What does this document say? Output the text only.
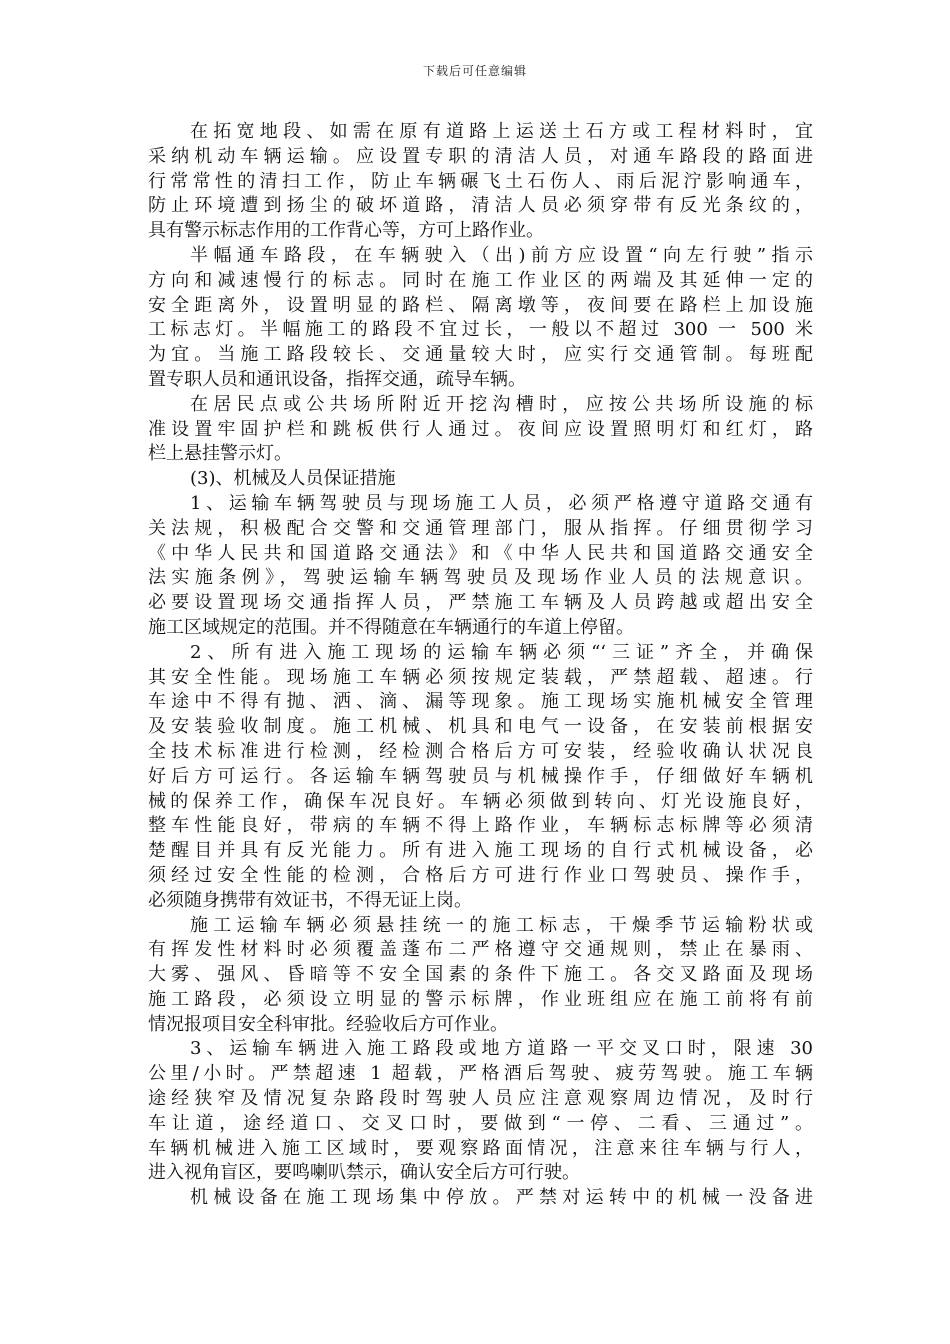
下载后可任意编辑
在拓宽地段、如需在原有道路上运送土石方或工程材料时，宜
采纳机动车辆运输。应设置专职的清洁人员，对通车路段的路面进
行常常性的清扫工作，防止车辆碾飞土石伤人、雨后泥泞影响通车，
防止环境遭到扬尘的破坏道路，清洁人员必须穿带有反光条纹的，
具有警示标志作用的工作背心等，方可上路作业。
半幅通车路段，在车辆驶入（出)前方应设置“向左行驶”指示
方向和减速慢行的标志。同时在施工作业区的两端及其延伸一定的
安全距离外，设置明显的路栏、隔离墩等，夜间要在路栏上加设施
工标志灯。半幅施工的路段不宜过长，一般以不超过 300 一 500 米
为宜。当施工路段较长、交通量较大时，应实行交通管制。每班配
置专职人员和通讯设备，指挥交通，疏导车辆。
在居民点或公共场所附近开挖沟槽时，应按公共场所设施的标
准设置牢固护栏和跳板供行人通过。夜间应设置照明灯和红灯，路
栏上悬挂警示灯。
(3)、机械及人员保证措施
1、运输车辆驾驶员与现场施工人员，必须严格遵守道路交通有
关法规，积极配合交警和交通管理部门，服从指挥。仔细贯彻学习
《中华人民共和国道路交通法》和《中华人民共和国道路交通安全
法实施条例》，驾驶运输车辆驾驶员及现场作业人员的法规意识。
必要设置现场交通指挥人员，严禁施工车辆及人员跨越或超出安全
施工区域规定的范围。并不得随意在车辆通行的车道上停留。
2、所有进入施工现场的运输车辆必须“‘三证”齐全，并确保
其安全性能。现场施工车辆必须按规定装载，严禁超载、超速。行
车途中不得有抛、洒、滴、漏等现象。施工现场实施机械安全管理
及安装验收制度。施工机械、机具和电气一设备，在安装前根据安
全技术标准进行检测，经检测合格后方可安装，经验收确认状况良
好后方可运行。各运输车辆驾驶员与机械操作手，仔细做好车辆机
械的保养工作，确保车况良好。车辆必须做到转向、灯光设施良好，
整车性能良好，带病的车辆不得上路作业，车辆标志标牌等必须清
楚醒目并具有反光能力。所有进入施工现场的自行式机械设备，必
须经过安全性能的检测，合格后方可进行作业口驾驶员、操作手，
必须随身携带有效证书，不得无证上岗。
施工运输车辆必须悬挂统一的施工标志，干燥季节运输粉状或
有挥发性材料时必须覆盖蓬布二严格遵守交通规则，禁止在暴雨、
大雾、强风、昏暗等不安全国素的条件下施工。各交叉路面及现场
施工路段，必须设立明显的警示标牌，作业班组应在施工前将有前
情况报项目安全科审批。经验收后方可作业。
3、运输车辆进入施工路段或地方道路一平交叉口时，限速 30
公里/小时。严禁超速 1 超载，严格酒后驾驶、疲劳驾驶。施工车辆
途经狭窄及情况复杂路段时驾驶人员应注意观察周边情况，及时行
车让道，途经道口、交叉口时，要做到“一停、二看、三通过”。
车辆机械进入施工区域时，要观察路面情况，注意来往车辆与行人，
进入视角盲区，要鸣喇叭禁示，确认安全后方可行驶。
机械设备在施工现场集中停放。严禁对运转中的机械一没备进
